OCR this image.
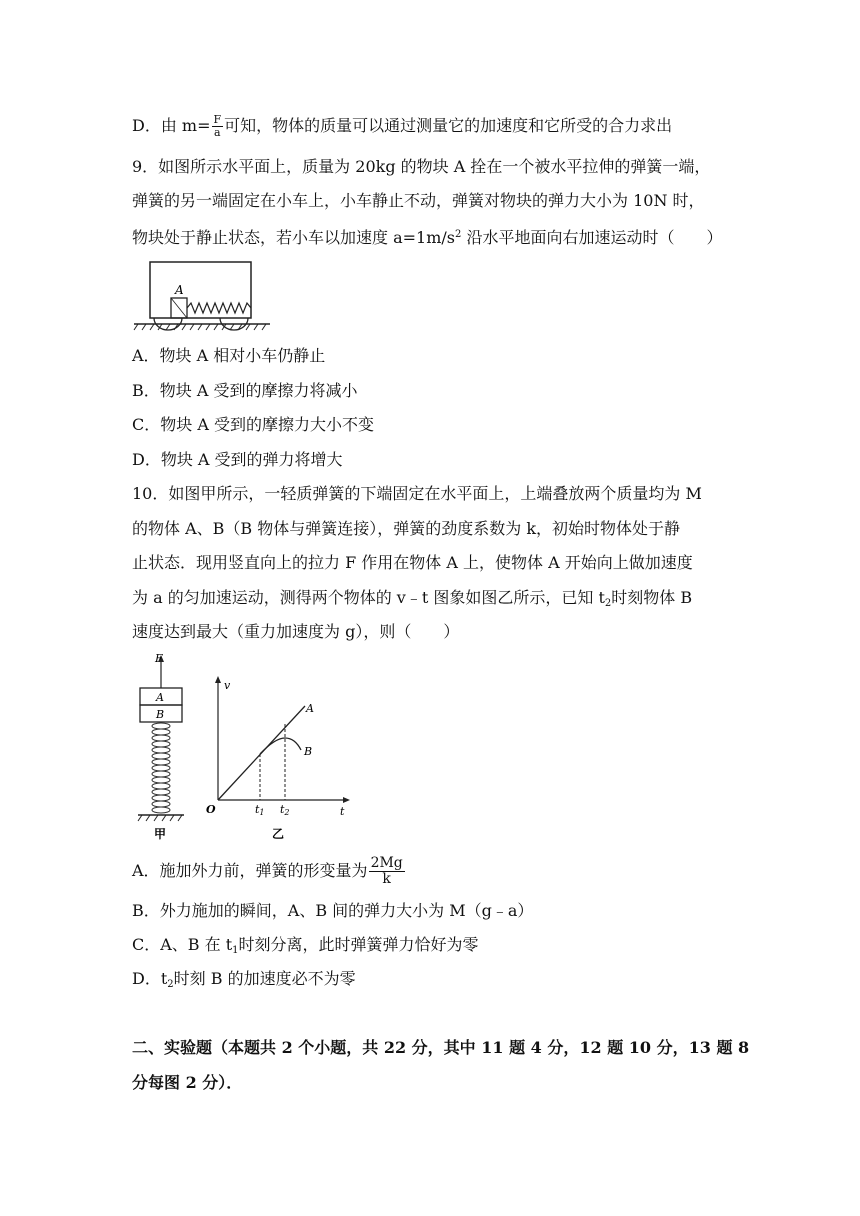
D．由 $m= \frac{F}{a}$ 可知，物体的质量可以通过测量它的加速度和它所受的合力求出
9．如图所示水平面上，质量为 20kg 的物块 A 拴在一个被水平拉伸的弹簧一端，
弹簧的另一端固定在小车上，小车静止不动，弹簧对物块的弹力大小为 10N 时，
物块处于静止状态，若小车以加速度 $a=1m/s^2$ 沿水平地面向右加速运动时（　　）
A
A．物块 A 相对小车仍静止
B．物块 A 受到的摩擦力将减小
C．物块 A 受到的摩擦力大小不变
D．物块 A 受到的弹力将增大
10．如图甲所示，一轻质弹簧的下端固定在水平面上，上端叠放两个质量均为 M
的物体 A、B（B 物体与弹簧连接），弹簧的劲度系数为 k，初始时物体处于静
止状态．现用竖直向上的拉力 F 作用在物体 A 上，使物体 A 开始向上做加速度
为 a 的匀加速运动，测得两个物体的 v﹣t 图象如图乙所示，已知 $t_2$时刻物体 B
速度达到最大（重力加速度为 g），则（　　）
F
A
B
甲
v
t
O
A
B
t1 t2
乙
A．施加外力前，弹簧的形变量为 $\frac{2Mg}{k}$
B．外力施加的瞬间，A、B 间的弹力大小为 M（g﹣a）
C．A、B 在 $t_1$时刻分离，此时弹簧弹力恰好为零
D．$t_2$时刻 B 的加速度必不为零
二、实验题（本题共 2 个小题，共 22 分，其中 11 题 4 分，12 题 10 分，13 题 8
分每图 2 分）．
